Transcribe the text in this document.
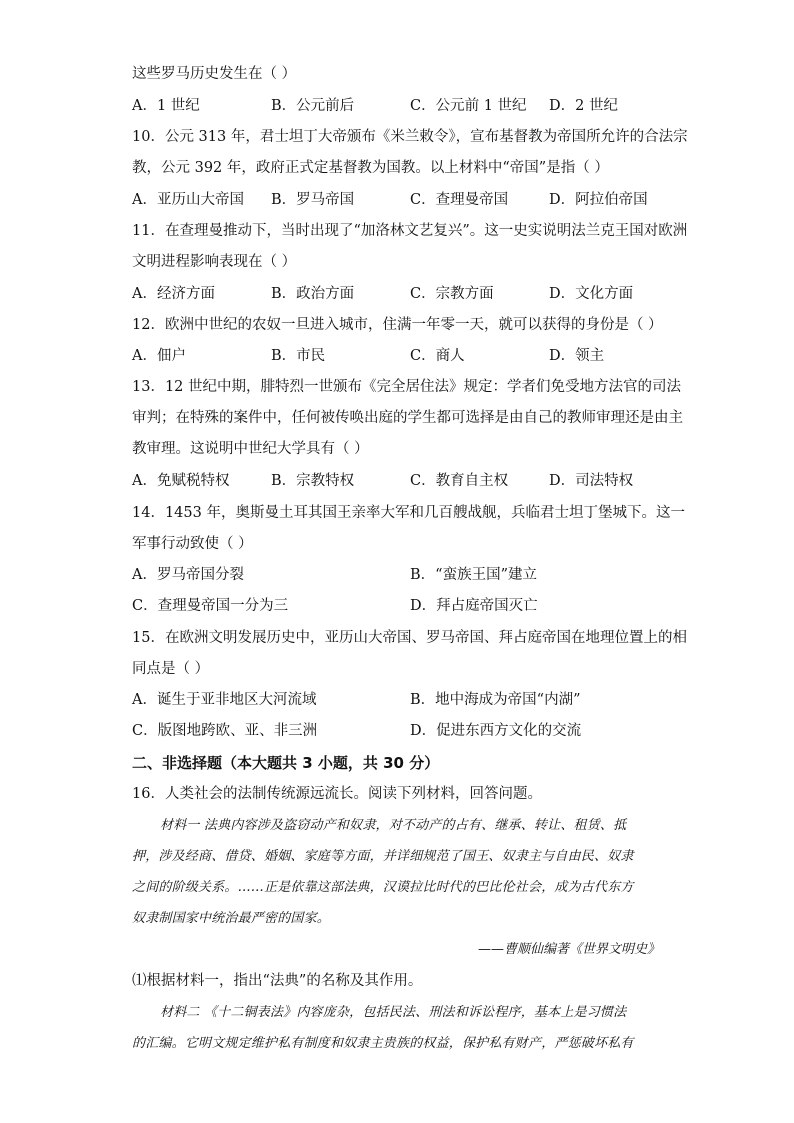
这些罗马历史发生在（ ）
A．1 世纪	B．公元前后	C．公元前 1 世纪 D．2 世纪
10．公元 313 年，君士坦丁大帝颁布《米兰敕令》，宣布基督教为帝国所允许的合法宗
教，公元 392 年，政府正式定基督教为国教。以上材料中“帝国”是指（ ）
A．亚历山大帝国 B．罗马帝国	C．查理曼帝国	D．阿拉伯帝国
11．在查理曼推动下，当时出现了“加洛林文艺复兴”。这一史实说明法兰克王国对欧洲
文明进程影响表现在（ ）
A．经济方面	B．政治方面	C．宗教方面	D．文化方面
12．欧洲中世纪的农奴一旦进入城市，住满一年零一天，就可以获得的身份是（ ）
A．佃户	B．市民	C．商人	D．领主
13．12 世纪中期，腓特烈一世颁布《完全居住法》规定：学者们免受地方法官的司法
审判；在特殊的案件中，任何被传唤出庭的学生都可选择是由自己的教师审理还是由主
教审理。这说明中世纪大学具有（ ）
A．免赋税特权	B．宗教特权	C．教育自主权	D．司法特权
14．1453 年，奥斯曼土耳其国王亲率大军和几百艘战舰，兵临君士坦丁堡城下。这一
军事行动致使（ ）
A．罗马帝国分裂	B．“蛮族王国”建立
C．查理曼帝国一分为三	D．拜占庭帝国灭亡
15．在欧洲文明发展历史中，亚历山大帝国、罗马帝国、拜占庭帝国在地理位置上的相
同点是（ ）
A．诞生于亚非地区大河流域	B．地中海成为帝国“内湖”
C．版图地跨欧、亚、非三洲	D．促进东西方文化的交流
二、非选择题（本大题共 3 小题，共 30 分）
16．人类社会的法制传统源远流长。阅读下列材料，回答问题。
材料一 法典内容涉及盗窃动产和奴隶，对不动产的占有、继承、转让、租赁、抵
押，涉及经商、借贷、婚姻、家庭等方面，并详细规范了国王、奴隶主与自由民、奴隶
之间的阶级关系。……正是依靠这部法典，汉谟拉比时代的巴比伦社会，成为古代东方
奴隶制国家中统治最严密的国家。
——曹顺仙编著《世界文明史》
⑴根据材料一，指出“法典”的名称及其作用。
材料二 《十二铜表法》内容庞杂，包括民法、刑法和诉讼程序，基本上是习惯法
的汇编。它明文规定维护私有制度和奴隶主贵族的权益，保护私有财产，严惩破坏私有
